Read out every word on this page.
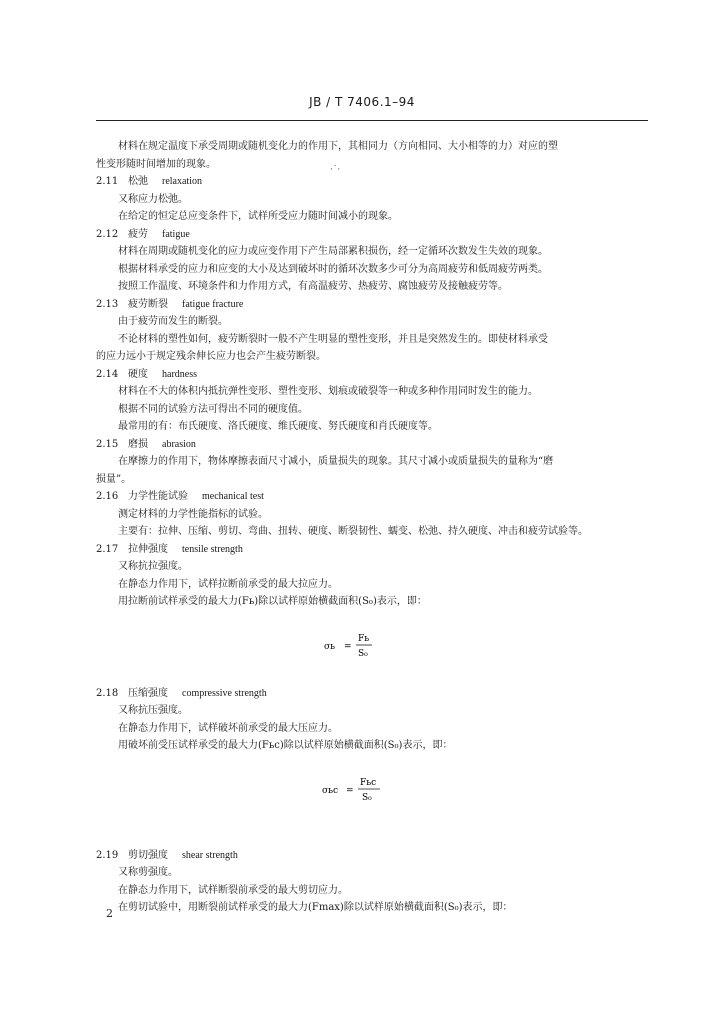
JB / T 7406.1–94
·˙·

材料在规定温度下承受周期或随机变化力的作用下，其相同力（方向相同、大小相等的力）对应的塑

性变形随时间增加的现象。

2.11 松弛 relaxation

又称应力松弛。

在给定的恒定总应变条件下，试样所受应力随时间减小的现象。

2.12 疲劳 fatigue

材料在周期或随机变化的应力或应变作用下产生局部累积损伤，经一定循环次数发生失效的现象。

根据材料承受的应力和应变的大小及达到破坏时的循环次数多少可分为高周疲劳和低周疲劳两类。

按照工作温度、环境条件和力作用方式，有高温疲劳、热疲劳、腐蚀疲劳及接触疲劳等。

2.13 疲劳断裂 fatigue fracture

由于疲劳而发生的断裂。

不论材料的塑性如何，疲劳断裂时一般不产生明显的塑性变形，并且是突然发生的。即使材料承受

的应力远小于规定残余伸长应力也会产生疲劳断裂。

2.14 硬度 hardness

材料在不大的体积内抵抗弹性变形、塑性变形、划痕或破裂等一种或多种作用同时发生的能力。

根据不同的试验方法可得出不同的硬度值。

最常用的有：布氏硬度、洛氏硬度、维氏硬度、努氏硬度和肖氏硬度等。

2.15 磨损 abrasion

在摩擦力的作用下，物体摩擦表面尺寸减小，质量损失的现象。其尺寸减小或质量损失的量称为“磨

损量”。

2.16 力学性能试验 mechanical test

测定材料的力学性能指标的试验。

主要有：拉伸、压缩、剪切、弯曲、扭转、硬度、断裂韧性、蠕变、松弛、持久硬度、冲击和疲劳试验等。

2.17 拉伸强度 tensile strength

又称抗拉强度。

在静态力作用下，试样拉断前承受的最大拉应力。

用拉断前试样承受的最大力(Fь)除以试样原始横截面积(S₀)表示，即：

σь =
Fь
S₀

2.18 压缩强度 compressive strength

又称抗压强度。

在静态力作用下，试样破坏前承受的最大压应力。

用破坏前受压试样承受的最大力(Fьc)除以试样原始横截面积(S₀)表示，即：

σьc =
Fьc
S₀

2.19 剪切强度 shear strength

又称剪强度。

在静态力作用下，试样断裂前承受的最大剪切应力。

在剪切试验中，用断裂前试样承受的最大力(Fmax)除以试样原始横截面积(S₀)表示，即：

2
